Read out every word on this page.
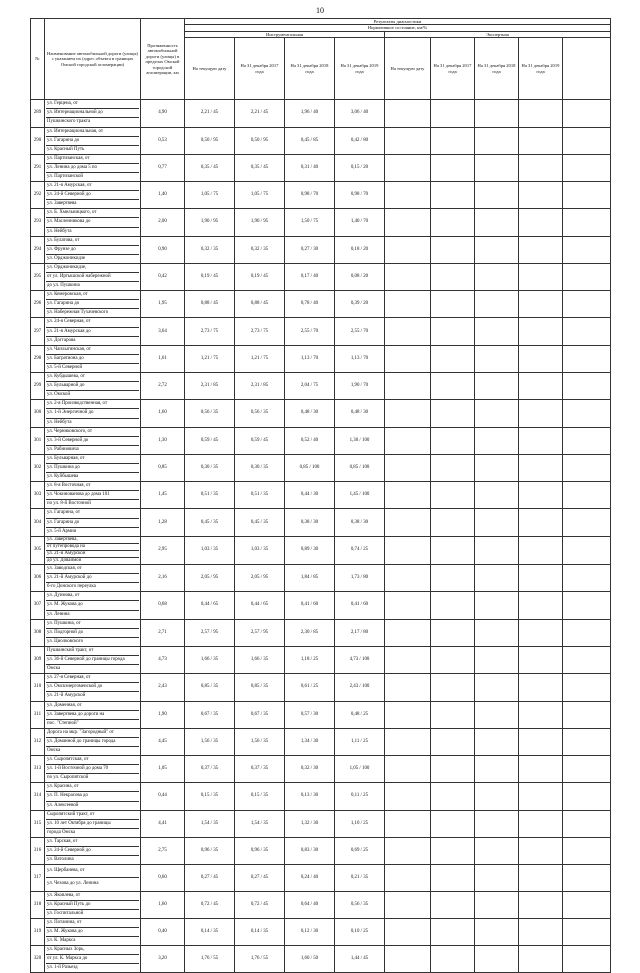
10
№	Наименование автомобильной дороги (улицы) с указанием их (адрес объекта в границах Омской городской агломерации)	Протяженность автомобильной дороги (улицы) в пределах Омской городской агломерации, км	Результаты диагностики								
			Нормативное состояние, км/%								
			Инструментальная				Экспертная				
			На текущую дату	На 31 декабря 2017 года	На 31 декабря 2018 года	На 31 декабря 2019 года	На текущую дату	На 31 декабря 2017 года	На 31 декабря 2018 года	На 31 декабря 2019 года	
289	ул. Герцена, от
ул. Интернациональной до
Пушкинского тракта	4,90	2,21 / 45	2,21 / 45	1,96 / 40	3,06 / 40					
290	ул. Интернациональная, от
ул. Гагарина до
ул. Красный Путь	0,53	0,50 / 95	0,50 / 95	0,45 / 85	0,42 / 80					
291	ул. Партизанская, от
ул. Ленина до дома 5 по
ул. Партизанской	0,77	0,35 / 45	0,35 / 45	0,31 / 40	0,15 / 20					
292	ул. 21-я Амурская, от
ул. 24-й Северной до
ул. Завертяева	1,40	1,05 / 75	1,05 / 75	0,98 / 70	0,98 / 70					
293	ул. Б. Хмельницкого, от
ул. Масленникова до
ул. Нейбута	2,00	1,90 / 95	1,90 / 95	1,50 / 75	1,40 / 70					
294	ул. Булатова, от
ул. Фрунзе до
ул. Орджоникидзе	0,90	0,32 / 35	0,32 / 35	0,27 / 30	0,18 / 20					
295	ул. Орджоникидзе,
от ул. Иртышской набережной
до ул. Пушкина	0,42	0,19 / 45	0,19 / 45	0,17 / 40	0,08 / 20					
296	ул. Кемеровская, от
ул. Гагарина до
ул. Набережная Тухачевского	1,95	0,88 / 45	0,88 / 45	0,78 / 40	0,39 / 20					
297	ул. 24-я Северная, от
ул. 21-я Амурская до
ул. Доггарова	3,64	2,73 / 75	2,73 / 75	2,55 / 70	2,55 / 70					
298	ул. Чаплыгинская, от
ул. Багратиона до
ул. 5-й Северной	1,61	1,21 / 75	1,21 / 75	1,13 / 70	1,13 / 70					
299	ул. Кубдышева, от
ул. Бульварной до
ул. Омской	2,72	2,31 / 85	2,31 / 85	2,04 / 75	1,90 / 70					
300	ул. 2-я Производственная, от
ул. 1-й Энергичной до
ул. Нейбута	1,60	0,56 / 35	0,56 / 35	0,48 / 30	0,48 / 30					
301	ул. Черниковского, от
ул. 3-й Северной до
ул. Рабиновича	1,30	0,59 / 45	0,59 / 45	0,52 / 40	1,30 / 100					
302	ул. Бульварная, от
ул. Пушкина до
ул. Куйбышева	0,85	0,30 / 35	0,30 / 35	0,85 / 100	0,85 / 100					
303	ул. 8-я Восточная, от
ул. Чокинованова до дома 101
по ул. 8-й Восточной	1,45	0,51 / 35	0,51 / 35	0,44 / 30	1,45 / 100					
304	ул. Гагарина, от
ул. Гагарина до
ул. 5-й Армии	1,28	0,45 / 35	0,45 / 35	0,38 / 30	0,38 / 30					
305	ул. Завертяева,
от путепровода на
ул. 21-й Амурской
до ул. Доваимой	2,95	1,03 / 35	1,03 / 35	0,89 / 30	0,74 / 25					
306	ул. Заводская, от
ул. 21-й Амурской до
б-го Донского переулка	2,16	2,05 / 95	2,05 / 95	1,84 / 85	1,73 / 80					
307	ул. Дуимова, от
ул. М. Жукова до
ул. Ленина	0,68	0,44 / 65	0,44 / 65	0,41 / 60	0,41 / 60					
308	ул. Пушкина, от
ул. Подгорной до
ул. Циолковского	2,71	2,57 / 95	2,57 / 95	2,30 / 85	2,17 / 80					
309	Пушкинский тракт, от
ул. 36-й Северной до границы города
Омска	4,73	1,66 / 35	1,66 / 35	1,18 / 25	4,73 / 100					
310	ул. 27-я Северная, от
ул. Омскэнергоменской до
ул. 21-й Амурской	2,43	0,85 / 35	0,85 / 35	0,61 / 25	2,43 / 100					
311	ул. Доменная, от
ул. Завертяева до дороги на
пос. "Степной"	1,90	0,67 / 35	0,67 / 35	0,57 / 30	0,48 / 25					
312	Дорога на мкр. "Загородный" от
ул. Доманной до границы города
Омска	4,45	1,56 / 35	1,56 / 35	1,34 / 30	1,11 / 25					
313	ул. Сыропятская, от
ул. 1-й Восточной до дома 70
по ул. Сыропятской	1,05	0,37 / 35	0,37 / 35	0,32 / 30	1,05 / 100					
314	ул. Красина, от
ул. П. Некрасова до
ул. Алексеевой	0,44	0,15 / 35	0,15 / 35	0,13 / 30	0,11 / 25					
315	Сыропятский тракт, от
ул. 10 лет Октября до границы
города Омска	4,41	1,54 / 35	1,54 / 35	1,32 / 30	1,10 / 25					
316	ул. Тарская, от
ул. 24-й Северной до
ул. Ватолина	2,75	0,96 / 35	0,96 / 35	0,83 / 30	0,69 / 25					
317	ул. Щербанева, от
ул. Чехова до ул. Ленина	0,60	0,27 / 45	0,27 / 45	0,24 / 40	0,21 / 35					
318	ул. Яковлева, от
ул. Красный Путь до
ул. Госпитальной	1,60	0,72 / 45	0,72 / 45	0,64 / 40	0,56 / 35					
319	ул. Потанина, от
ул. М. Жукова до
ул. К. Маркса	0,40	0,14 / 35	0,14 / 35	0,12 / 30	0,10 / 25					
320	ул. Красных Зорь,
от ул. К. Маркса до
ул. 1-й Разьезд	3,20	1,76 / 55	1,76 / 55	1,60 / 50	1,44 / 45					
